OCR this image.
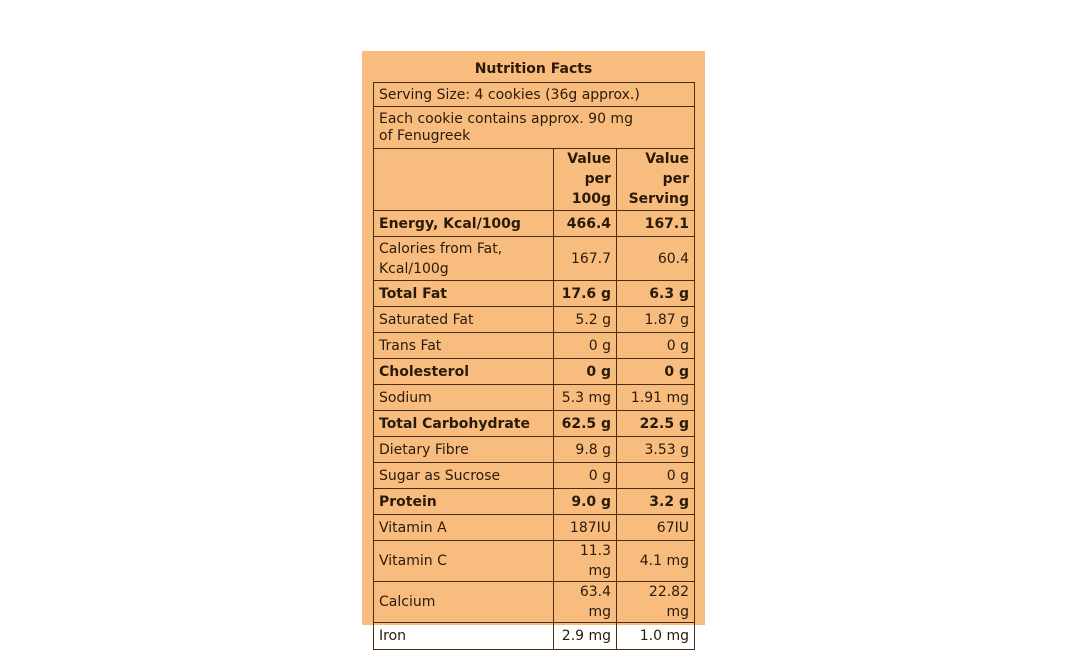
Nutrition Facts
Serving Size: 4 cookies (36g approx.)		
Each cookie contains approx. 90 mg
of Fenugreek		

	Value
per
100g	Value
per
Serving

Energy, Kcal/100g	466.4	167.1
Calories from Fat,
Kcal/100g	167.7	60.4
Total Fat	17.6 g	6.3 g
Saturated Fat	5.2 g	1.87 g
Trans Fat	0 g	0 g
Cholesterol	0 g	0 g
Sodium	5.3 mg	1.91 mg
Total Carbohydrate	62.5 g	22.5 g
Dietary Fibre	9.8 g	3.53 g
Sugar as Sucrose	0 g	0 g
Protein	9.0 g	3.2 g
Vitamin A	187IU	67IU
Vitamin C	11.3 mg	4.1 mg
Calcium	63.4 mg	22.82 mg
Iron	2.9 mg	1.0 mg
